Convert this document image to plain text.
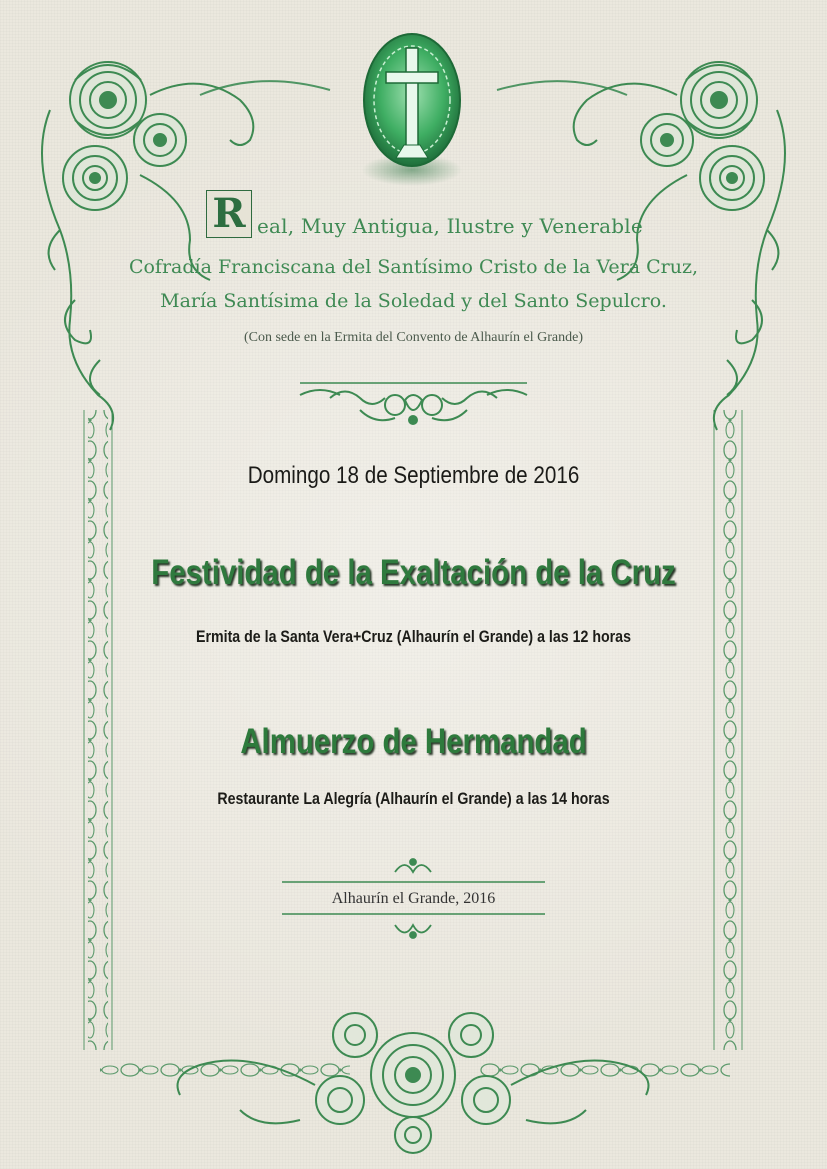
R eal, Muy Antigua, Ilustre y Venerable

Cofradía Franciscana del Santísimo Cristo de la Vera Cruz,

María Santísima de la Soledad y del Santo Sepulcro.

(Con sede en la Ermita del Convento de Alhaurín el Grande)

Domingo 18 de Septiembre de 2016

Festividad de la Exaltación de la Cruz

Ermita de la Santa Vera+Cruz (Alhaurín el Grande) a las 12 horas

Almuerzo de Hermandad

Restaurante La Alegría (Alhaurín el Grande) a las 14 horas

Alhaurín el Grande, 2016
